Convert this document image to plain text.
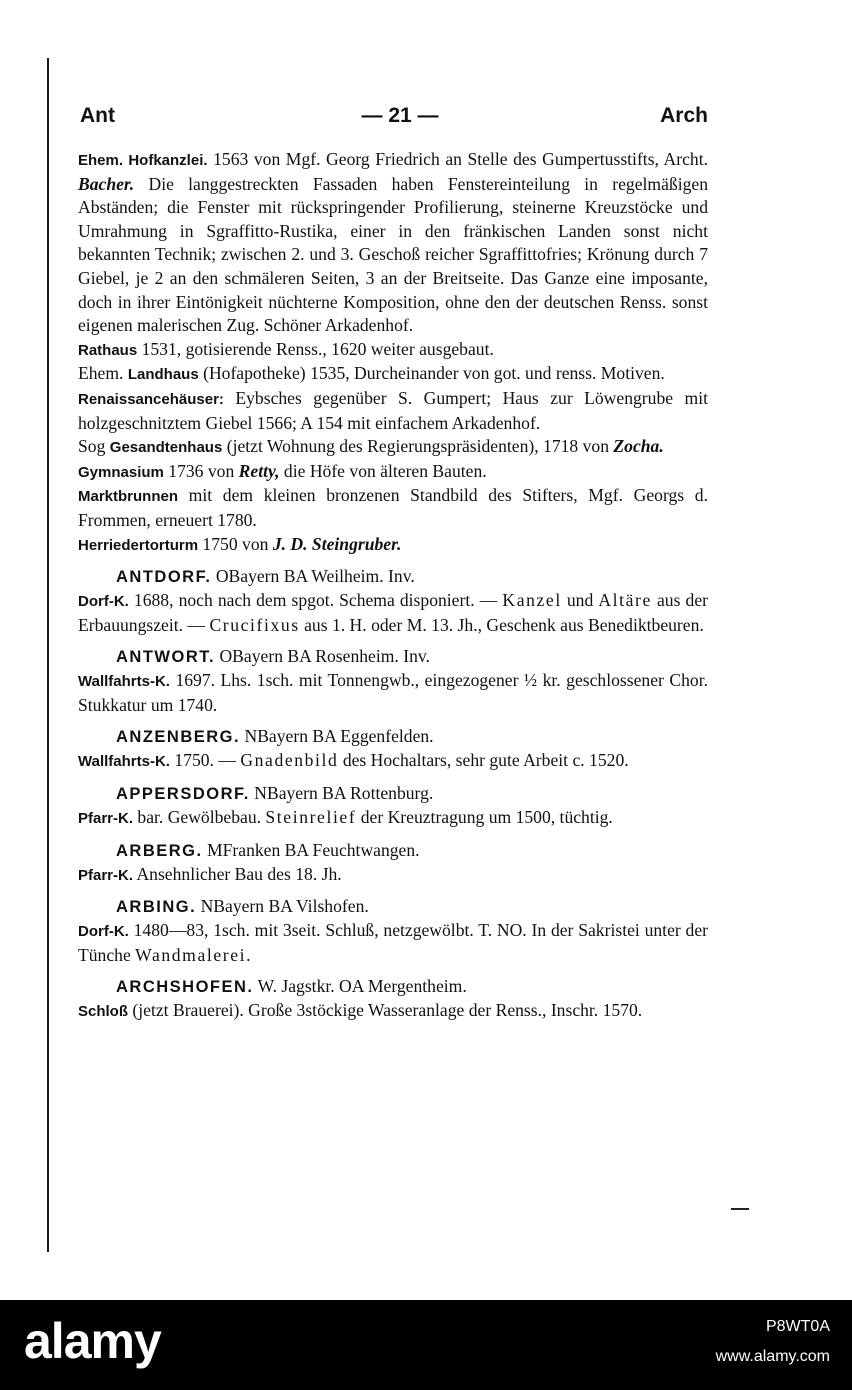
Ant	— 21 —	Arch

Ehem. Hofkanzlei. 1563 von Mgf. Georg Friedrich an Stelle des Gumpertusstifts, Archt. Bacher. Die langgestreckten Fassaden haben Fenstereinteilung in regelmäßigen Abständen; die Fenster mit rückspringender Profilierung, steinerne Kreuzstöcke und Umrahmung in Sgraffitto-Rustika, einer in den fränkischen Landen sonst nicht bekannten Technik; zwischen 2. und 3. Geschoß reicher Sgraffittofries; Krönung durch 7 Giebel, je 2 an den schmäleren Seiten, 3 an der Breitseite. Das Ganze eine imposante, doch in ihrer Eintönigkeit nüchterne Komposition, ohne den der deutschen Renss. sonst eigenen malerischen Zug. Schöner Arkadenhof.

Rathaus 1531, gotisierende Renss., 1620 weiter ausgebaut.

Ehem. Landhaus (Hofapotheke) 1535, Durcheinander von got. und renss. Motiven.

Renaissancehäuser: Eybsches gegenüber S. Gumpert; Haus zur Löwengrube mit holzgeschnitztem Giebel 1566; A 154 mit einfachem Arkadenhof.

Sog Gesandtenhaus (jetzt Wohnung des Regierungspräsidenten), 1718 von Zocha.

Gymnasium 1736 von Retty, die Höfe von älteren Bauten.

Marktbrunnen mit dem kleinen bronzenen Standbild des Stifters, Mgf. Georgs d. Frommen, erneuert 1780.

Herriedertorturm 1750 von J. D. Steingruber.

ANTDORF. OBayern BA Weilheim. Inv.

Dorf-K. 1688, noch nach dem spgot. Schema disponiert. — Kanzel und Altäre aus der Erbauungszeit. — Crucifixus aus 1. H. oder M. 13. Jh., Geschenk aus Benediktbeuren.

ANTWORT. OBayern BA Rosenheim. Inv.

Wallfahrts-K. 1697. Lhs. 1sch. mit Tonnengwb., eingezogener ½ kr. geschlossener Chor. Stukkatur um 1740.

ANZENBERG. NBayern BA Eggenfelden.

Wallfahrts-K. 1750. — Gnadenbild des Hochaltars, sehr gute Arbeit c. 1520.

APPERSDORF. NBayern BA Rottenburg.

Pfarr-K. bar. Gewölbebau. Steinrelief der Kreuztragung um 1500, tüchtig.

ARBERG. MFranken BA Feuchtwangen.

Pfarr-K. Ansehnlicher Bau des 18. Jh.

ARBING. NBayern BA Vilshofen.

Dorf-K. 1480—83, 1sch. mit 3seit. Schluß, netzgewölbt. T. NO. In der Sakristei unter der Tünche Wandmalerei.

ARCHSHOFEN. W. Jagstkr. OA Mergentheim.

Schloß (jetzt Brauerei). Große 3stöckige Wasseranlage der Renss., Inschr. 1570.

alamy	P8WT0A
www.alamy.com
